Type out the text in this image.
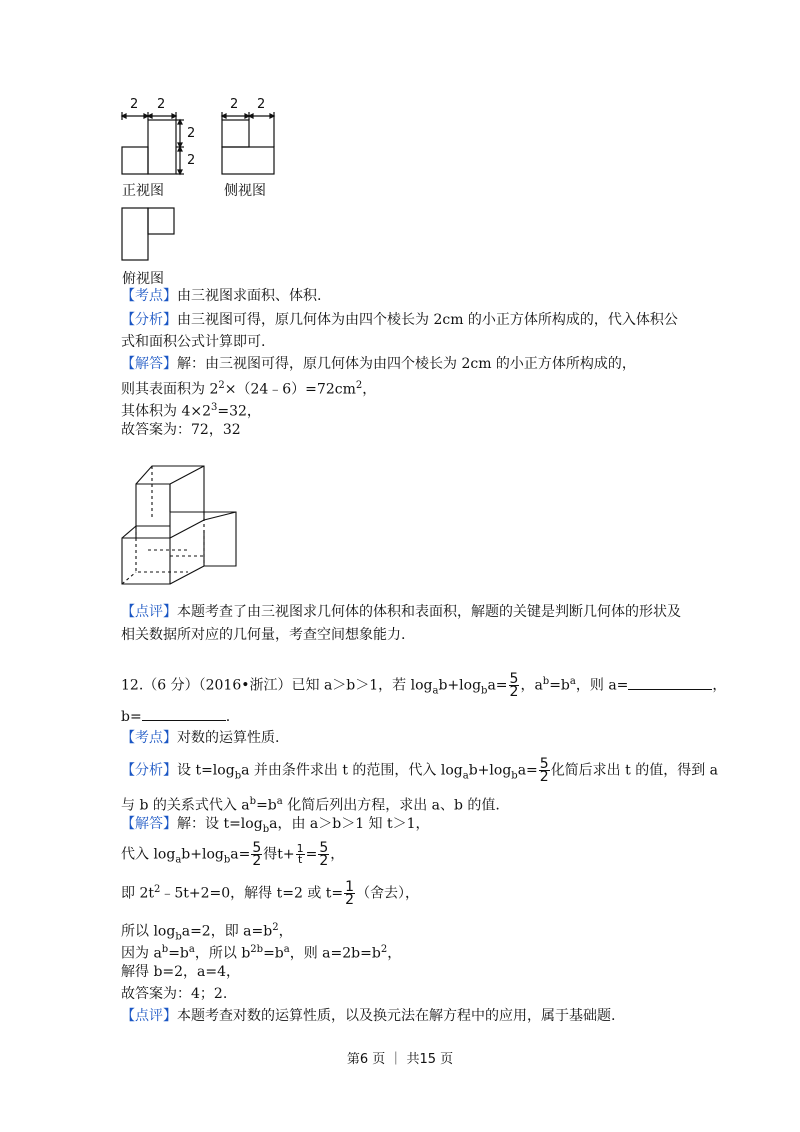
2 2
2
2
2 2
正视图	侧视图
俯视图
【考点】由三视图求面积、体积.
【分析】由三视图可得，原几何体为由四个棱长为 2cm 的小正方体所构成的，代入体积公
式和面积公式计算即可.
【解答】解：由三视图可得，原几何体为由四个棱长为 2cm 的小正方体所构成的，
则其表面积为 $2^2\times(24﹣6)=72cm^2$，
其体积为 $4\times 2^3=32$，
故答案为：72，32
【点评】本题考查了由三视图求几何体的体积和表面积，解题的关键是判断几何体的形状及
相关数据所对应的几何量，考查空间想象能力.
12.（6 分）（2016•浙江）已知 a＞b＞1，若 $\log_ab+\log_ba= \frac{5}{2}$ ，$a^b=b^a$，则 a=	，
b=	.
【考点】对数的运算性质.
【分析】设 $t=\log_ba$ 并由条件求出 t 的范围，代入 $\log_ab+\log_ba= \frac{5}{2}$ 化简后求出 t 的值，得到 a
与 b 的关系式代入 $a^b=b^a$ 化简后列出方程，求出 a、b 的值.
【解答】解：设 $t=\log_ba$，由 a＞b＞1 知 t＞1，
代入 $\log_ab+\log_ba= \frac{5}{2}$ 得$t+ \frac{1}{t} = \frac{5}{2}$ ，
即 $2t^2﹣5t+2=0$，解得 t=2 或 $t= \frac{1}{2}$ （舍去），
所以 $\log_ba=2$，即 $a=b^2$，
因为 $a^b=b^a$，所以 $b^{2b}=b^a$，则 $a=2b=b^2$，
解得 b=2，a=4，
故答案为：4；2.
【点评】本题考查对数的运算性质，以及换元法在解方程中的应用，属于基础题.
第6 页 ｜ 共15 页
